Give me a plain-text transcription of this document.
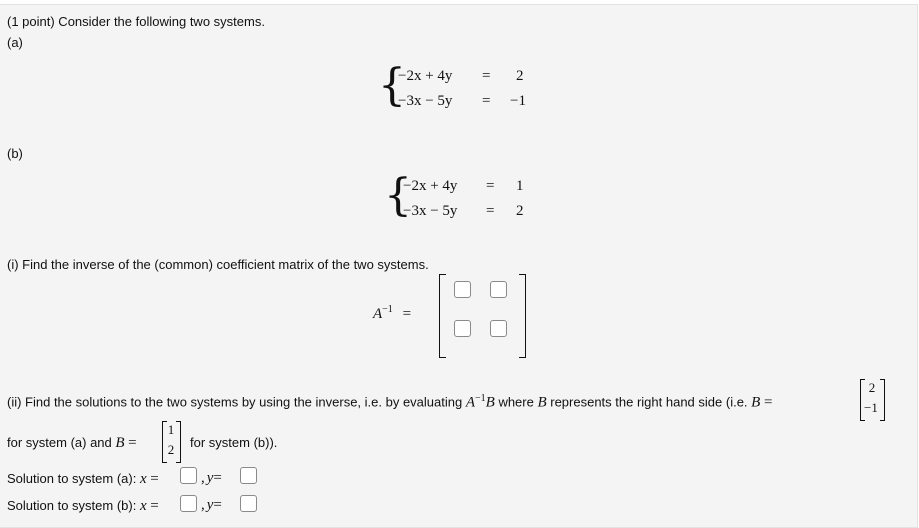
(1 point) Consider the following two systems.
(a)
{
−2x + 4y = 2
−3x − 5y = −1
(b)
{
−2x + 4y = 1
−3x − 5y = 2
(i) Find the inverse of the (common) coefficient matrix of the two systems.
$A^{-1}$ =
(ii) Find the solutions to the two systems by using the inverse, i.e. by evaluating $A^{-1}B$ where B represents the right hand side (i.e. B =
2
−1
for system (a) and B =
1
2 for system (b)).
Solution to system (a): x =	, y=
Solution to system (b): x =	, y=
